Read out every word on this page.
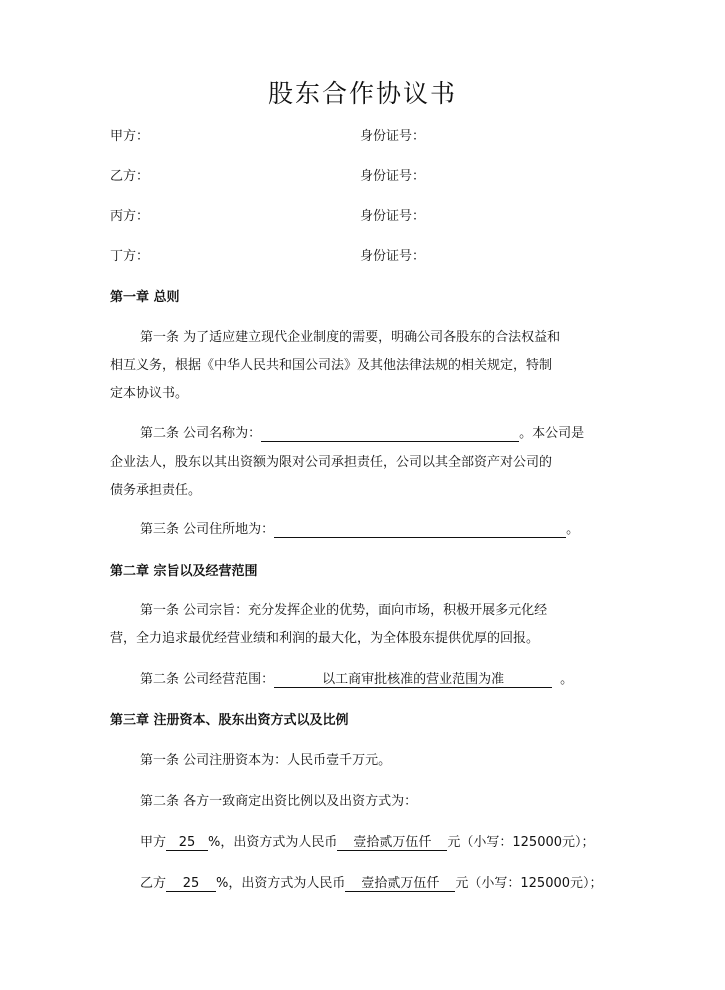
股东合作协议书
甲方：	身份证号：
乙方：	身份证号：
丙方：	身份证号：
丁方：	身份证号：
第一章 总则
第一条 为了适应建立现代企业制度的需要，明确公司各股东的合法权益和
相互义务，根据《中华人民共和国公司法》及其他法律法规的相关规定，特制
定本协议书。
第二条 公司名称为：	。本公司是
企业法人，股东以其出资额为限对公司承担责任，公司以其全部资产对公司的
债务承担责任。
第三条 公司住所地为：	。
第二章 宗旨以及经营范围
第一条 公司宗旨：充分发挥企业的优势，面向市场，积极开展多元化经
营，全力追求最优经营业绩和利润的最大化，为全体股东提供优厚的回报。
第二条 公司经营范围：	以工商审批核准的营业范围为准	。
第三章 注册资本、股东出资方式以及比例
第一条 公司注册资本为：人民币壹千万元。
第二条 各方一致商定出资比例以及出资方式为：
甲方 25 %，出资方式为人民币 壹拾贰万伍仟 元（小写：125000元）；
乙方 25 %，出资方式为人民币 壹拾贰万伍仟 元（小写：125000元）；
